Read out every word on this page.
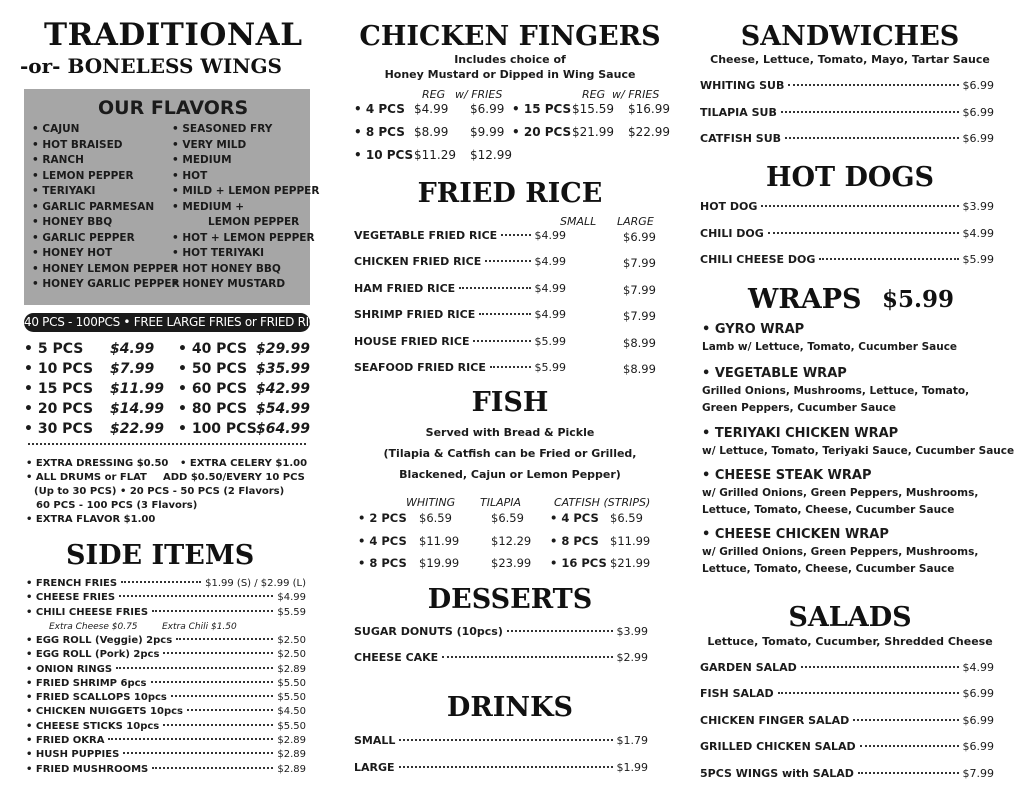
TRADITIONAL
-or- BONELESS WINGS
OUR FLAVORS
• CAJUN
• HOT BRAISED
• RANCH
• LEMON PEPPER
• TERIYAKI
• GARLIC PARMESAN
• HONEY BBQ
• GARLIC PEPPER
• HONEY HOT
• HONEY LEMON PEPPER
• HONEY GARLIC PEPPER
• SEASONED FRY
• VERY MILD
• MEDIUM
• HOT
• MILD + LEMON PEPPER
• MEDIUM +
LEMON PEPPER
• HOT + LEMON PEPPER
• HOT TERIYAKI
• HOT HONEY BBQ
• HONEY MUSTARD
40 PCS - 100PCS • FREE LARGE FRIES or FRIED RICE
• 5 PCS $4.99
• 10 PCS $7.99
• 15 PCS $11.99
• 20 PCS $14.99
• 30 PCS $22.99
• 40 PCS $29.99
• 50 PCS $35.99
• 60 PCS $42.99
• 80 PCS $54.99
• 100 PCS $64.99
• EXTRA DRESSING $0.50 • EXTRA CELERY $1.00
• ALL DRUMS or FLAT ADD $0.50/EVERY 10 PCS
(Up to 30 PCS) • 20 PCS - 50 PCS (2 Flavors)
60 PCS - 100 PCS (3 Flavors)
• EXTRA FLAVOR $1.00
SIDE ITEMS
• FRENCH FRIES	$1.99 (S) / $2.99 (L)
• CHEESE FRIES	$4.99
• CHILI CHEESE FRIES	$5.59
• EGG ROLL (Veggie) 2pcs	$2.50
• EGG ROLL (Pork) 2pcs	$2.50
• ONION RINGS	$2.89
• FRIED SHRIMP 6pcs	$5.50
• FRIED SCALLOPS 10pcs	$5.50
• CHICKEN NUIGGETS 10pcs	$4.50
• CHEESE STICKS 10pcs	$5.50
• FRIED OKRA	$2.89
• HUSH PUPPIES	$2.89
• FRIED MUSHROOMS	$2.89
Extra Cheese $0.75	Extra Chili $1.50
CHICKEN FINGERS
Includes choice of
Honey Mustard or Dipped in Wing Sauce
REG w/ FRIES	REG w/ FRIES
• 4 PCS $4.99 $6.99
• 8 PCS $8.99 $9.99
• 10 PCS $11.29 $12.99
• 15 PCS $15.59 $16.99
• 20 PCS $21.99 $22.99
FRIED RICE
SMALL LARGE
VEGETABLE FRIED RICE	$4.99	$6.99
CHICKEN FRIED RICE	$4.99	$7.99
HAM FRIED RICE	$4.99	$7.99
SHRIMP FRIED RICE	$4.99	$7.99
HOUSE FRIED RICE	$5.99	$8.99
SEAFOOD FRIED RICE	$5.99	$8.99
FISH
Served with Bread & Pickle
(Tilapia & Catfish can be Fried or Grilled,
Blackened, Cajun or Lemon Pepper)
WHITING TILAPIA	CATFISH (STRIPS)
• 2 PCS $6.59	$6.59 • 4 PCS $6.59
• 4 PCS $11.99	$12.29 • 8 PCS $11.99
• 8 PCS $19.99	$23.99 • 16 PCS $21.99
DESSERTS
SUGAR DONUTS (10pcs)	$3.99
CHEESE CAKE	$2.99
DRINKS
SMALL	$1.79
LARGE	$1.99
SANDWICHES
Cheese, Lettuce, Tomato, Mayo, Tartar Sauce
WHITING SUB	$6.99
TILAPIA SUB	$6.99
CATFISH SUB	$6.99
HOT DOGS
HOT DOG	$3.99
CHILI DOG	$4.99
CHILI CHEESE DOG	$5.99
WRAPS $5.99
• GYRO WRAP
Lamb w/ Lettuce, Tomato, Cucumber Sauce
• VEGETABLE WRAP
Grilled Onions, Mushrooms, Lettuce, Tomato,
Green Peppers, Cucumber Sauce
• TERIYAKI CHICKEN WRAP
w/ Lettuce, Tomato, Teriyaki Sauce, Cucumber Sauce
• CHEESE STEAK WRAP
w/ Grilled Onions, Green Peppers, Mushrooms,
Lettuce, Tomato, Cheese, Cucumber Sauce
• CHEESE CHICKEN WRAP
w/ Grilled Onions, Green Peppers, Mushrooms,
Lettuce, Tomato, Cheese, Cucumber Sauce
SALADS
Lettuce, Tomato, Cucumber, Shredded Cheese
GARDEN SALAD	$4.99
FISH SALAD	$6.99
CHICKEN FINGER SALAD	$6.99
GRILLED CHICKEN SALAD	$6.99
5PCS WINGS with SALAD	$7.99
